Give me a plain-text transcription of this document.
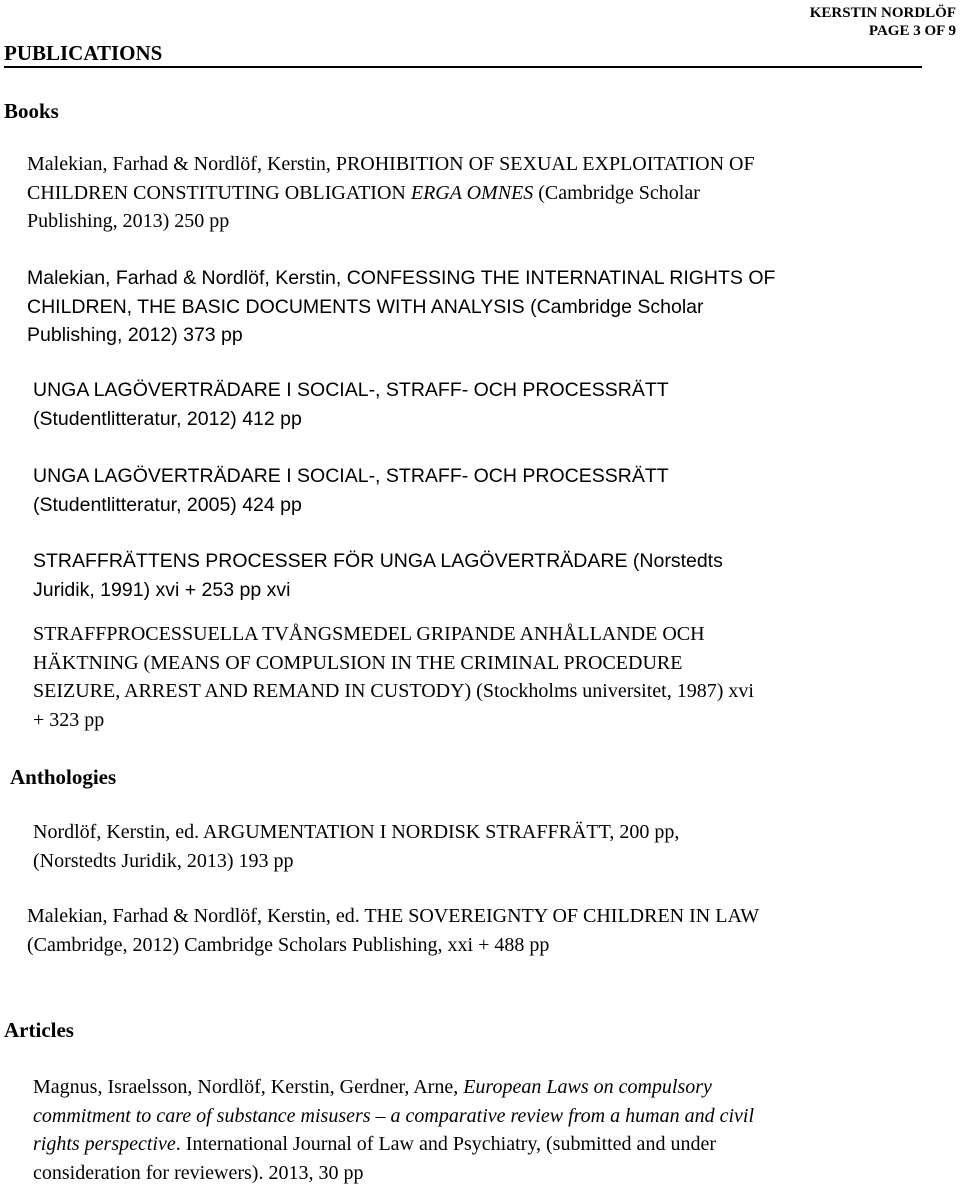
KERSTIN NORDLÖF
PAGE 3 OF 9
PUBLICATIONS
Books
Malekian, Farhad & Nordlöf, Kerstin, PROHIBITION OF SEXUAL EXPLOITATION OF
CHILDREN CONSTITUTING OBLIGATION ERGA OMNES (Cambridge Scholar
Publishing, 2013) 250 pp
Malekian, Farhad & Nordlöf, Kerstin, CONFESSING THE INTERNATINAL RIGHTS OF
CHILDREN, THE BASIC DOCUMENTS WITH ANALYSIS (Cambridge Scholar
Publishing, 2012) 373 pp
UNGA LAGÖVERTRÄDARE I SOCIAL-, STRAFF- OCH PROCESSRÄTT
(Studentlitteratur, 2012) 412 pp
UNGA LAGÖVERTRÄDARE I SOCIAL-, STRAFF- OCH PROCESSRÄTT
(Studentlitteratur, 2005) 424 pp
STRAFFRÄTTENS PROCESSER FÖR UNGA LAGÖVERTRÄDARE (Norstedts
Juridik, 1991) xvi + 253 pp xvi
STRAFFPROCESSUELLA TVÅNGSMEDEL GRIPANDE ANHÅLLANDE OCH
HÄKTNING (MEANS OF COMPULSION IN THE CRIMINAL PROCEDURE
SEIZURE, ARREST AND REMAND IN CUSTODY) (Stockholms universitet, 1987) xvi
+ 323 pp
Anthologies
Nordlöf, Kerstin, ed. ARGUMENTATION I NORDISK STRAFFRÄTT, 200 pp,
(Norstedts Juridik, 2013) 193 pp
Malekian, Farhad & Nordlöf, Kerstin, ed. THE SOVEREIGNTY OF CHILDREN IN LAW
(Cambridge, 2012) Cambridge Scholars Publishing, xxi + 488 pp
Articles
Magnus, Israelsson, Nordlöf, Kerstin, Gerdner, Arne, European Laws on compulsory
commitment to care of substance misusers – a comparative review from a human and civil
rights perspective. International Journal of Law and Psychiatry, (submitted and under
consideration for reviewers). 2013, 30 pp
